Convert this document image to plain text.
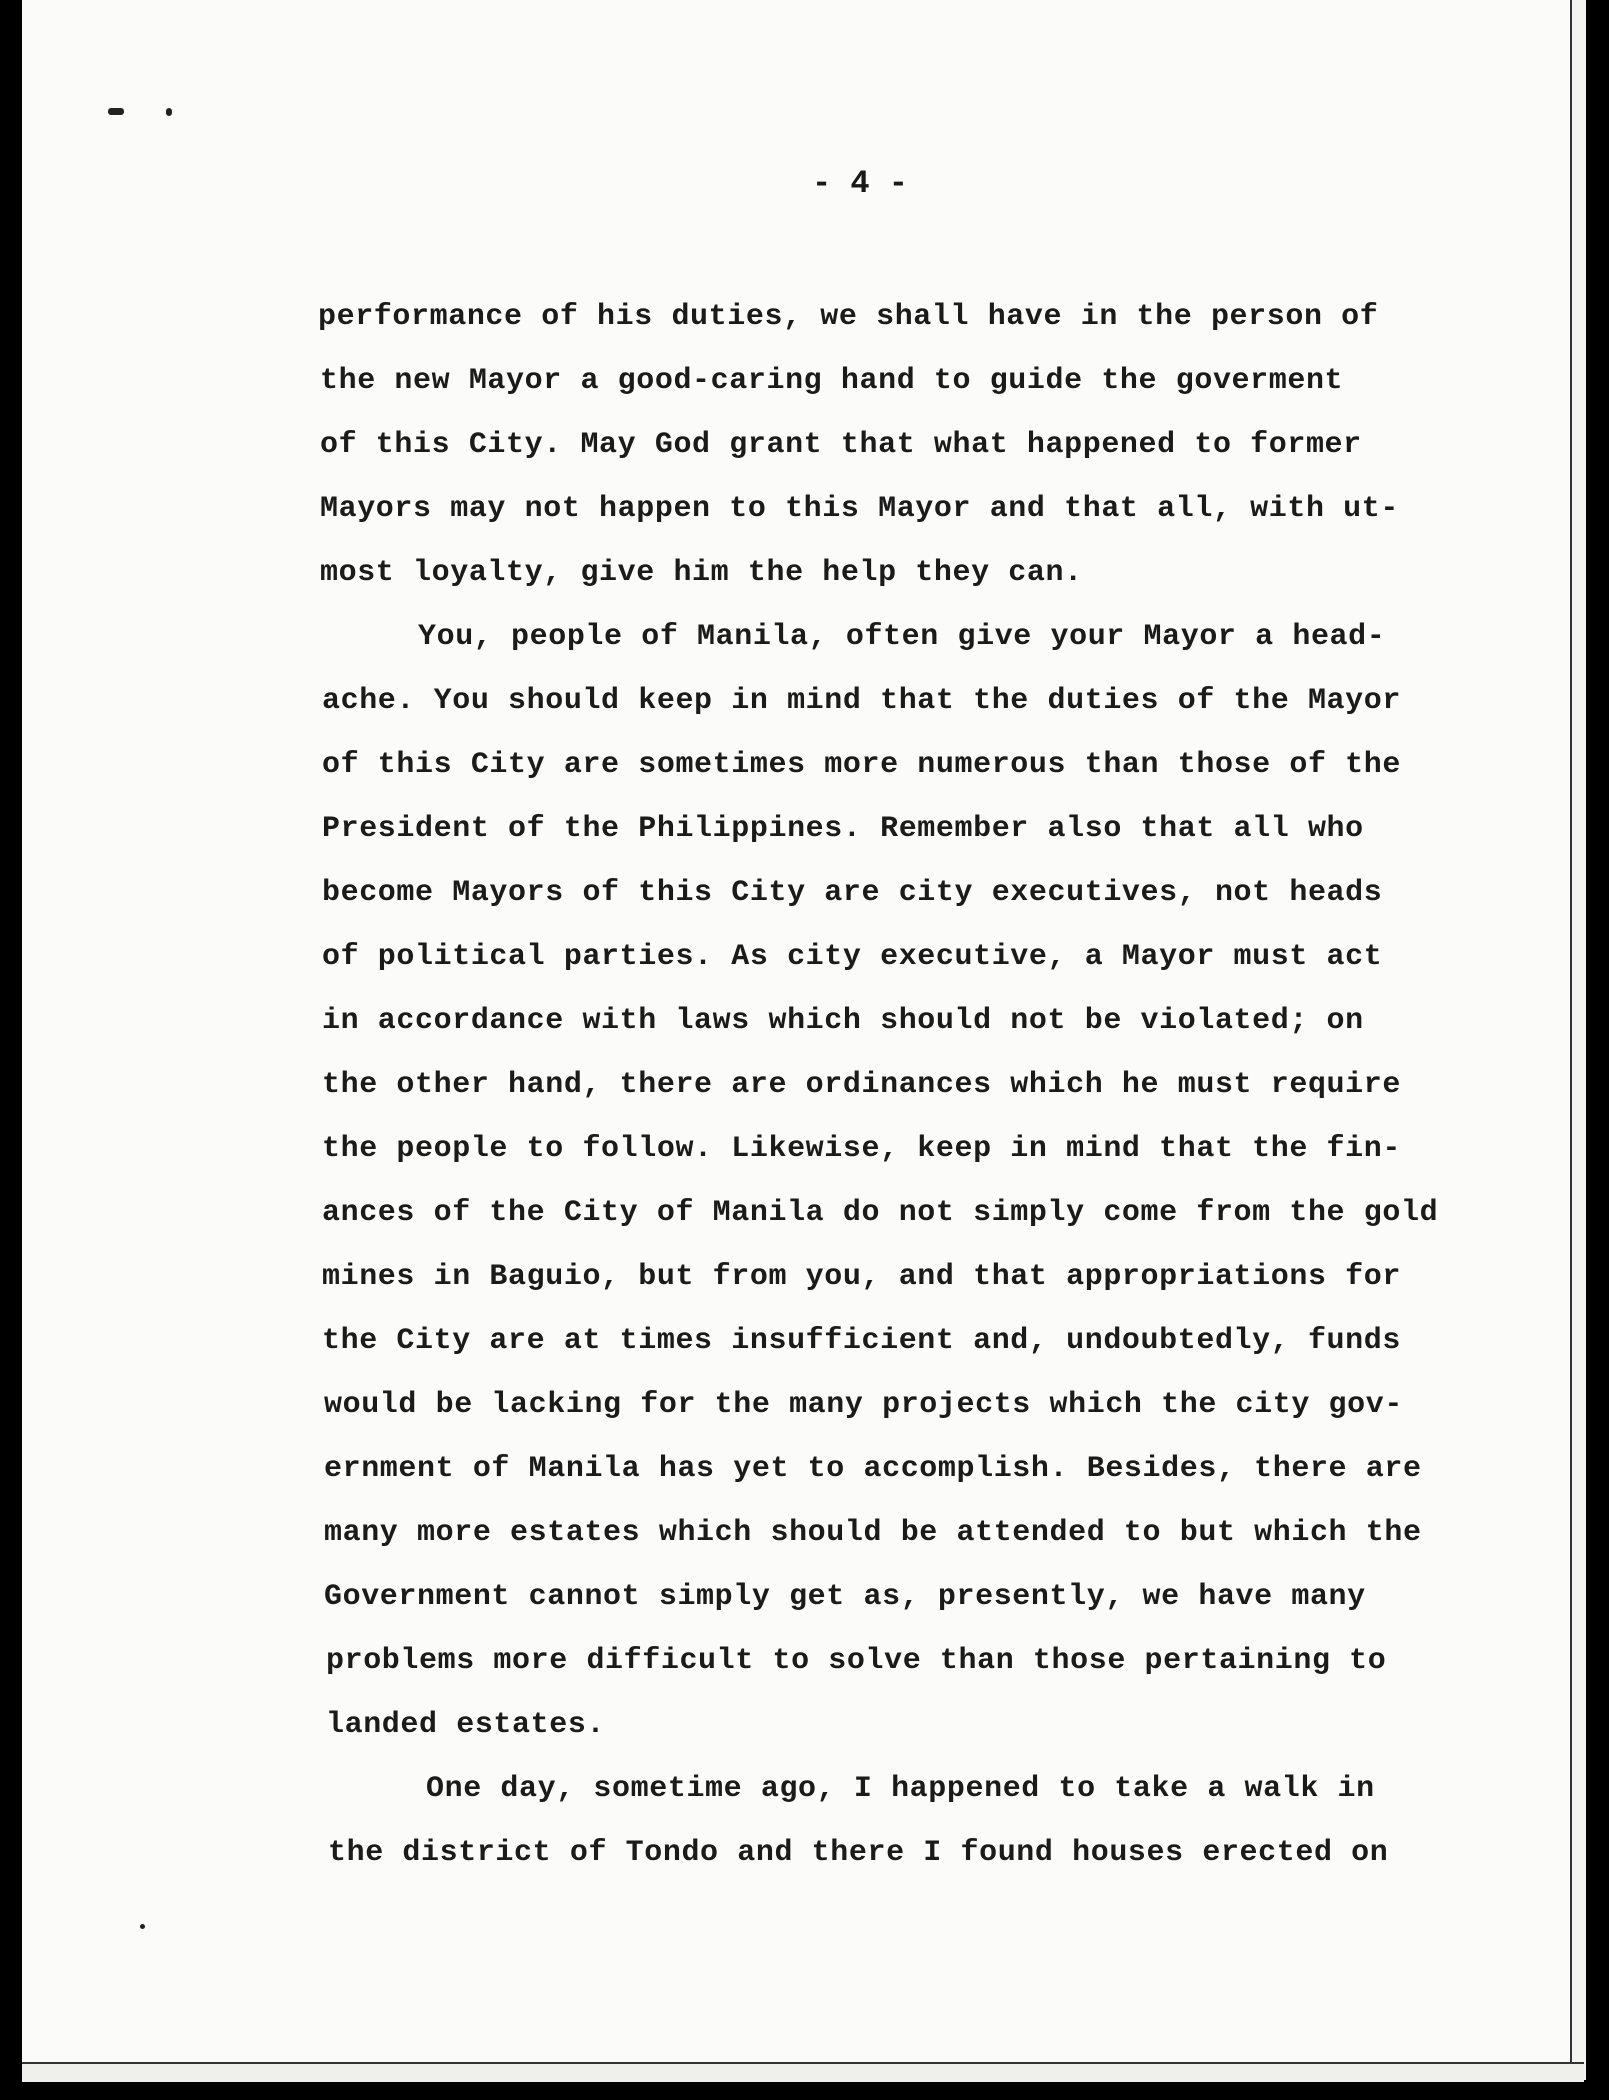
- 4 -
performance of his duties, we shall have in the person of
the new Mayor a good-caring hand to guide the goverment
of this City. May God grant that what happened to former
Mayors may not happen to this Mayor and that all, with ut-
most loyalty, give him the help they can.
You, people of Manila, often give your Mayor a head-
ache. You should keep in mind that the duties of the Mayor
of this City are sometimes more numerous than those of the
President of the Philippines. Remember also that all who
become Mayors of this City are city executives, not heads
of political parties. As city executive, a Mayor must act
in accordance with laws which should not be violated; on
the other hand, there are ordinances which he must require
the people to follow. Likewise, keep in mind that the fin-
ances of the City of Manila do not simply come from the gold
mines in Baguio, but from you, and that appropriations for
the City are at times insufficient and, undoubtedly, funds
would be lacking for the many projects which the city gov-
ernment of Manila has yet to accomplish. Besides, there are
many more estates which should be attended to but which the
Government cannot simply get as, presently, we have many
problems more difficult to solve than those pertaining to
landed estates.
One day, sometime ago, I happened to take a walk in
the district of Tondo and there I found houses erected on
